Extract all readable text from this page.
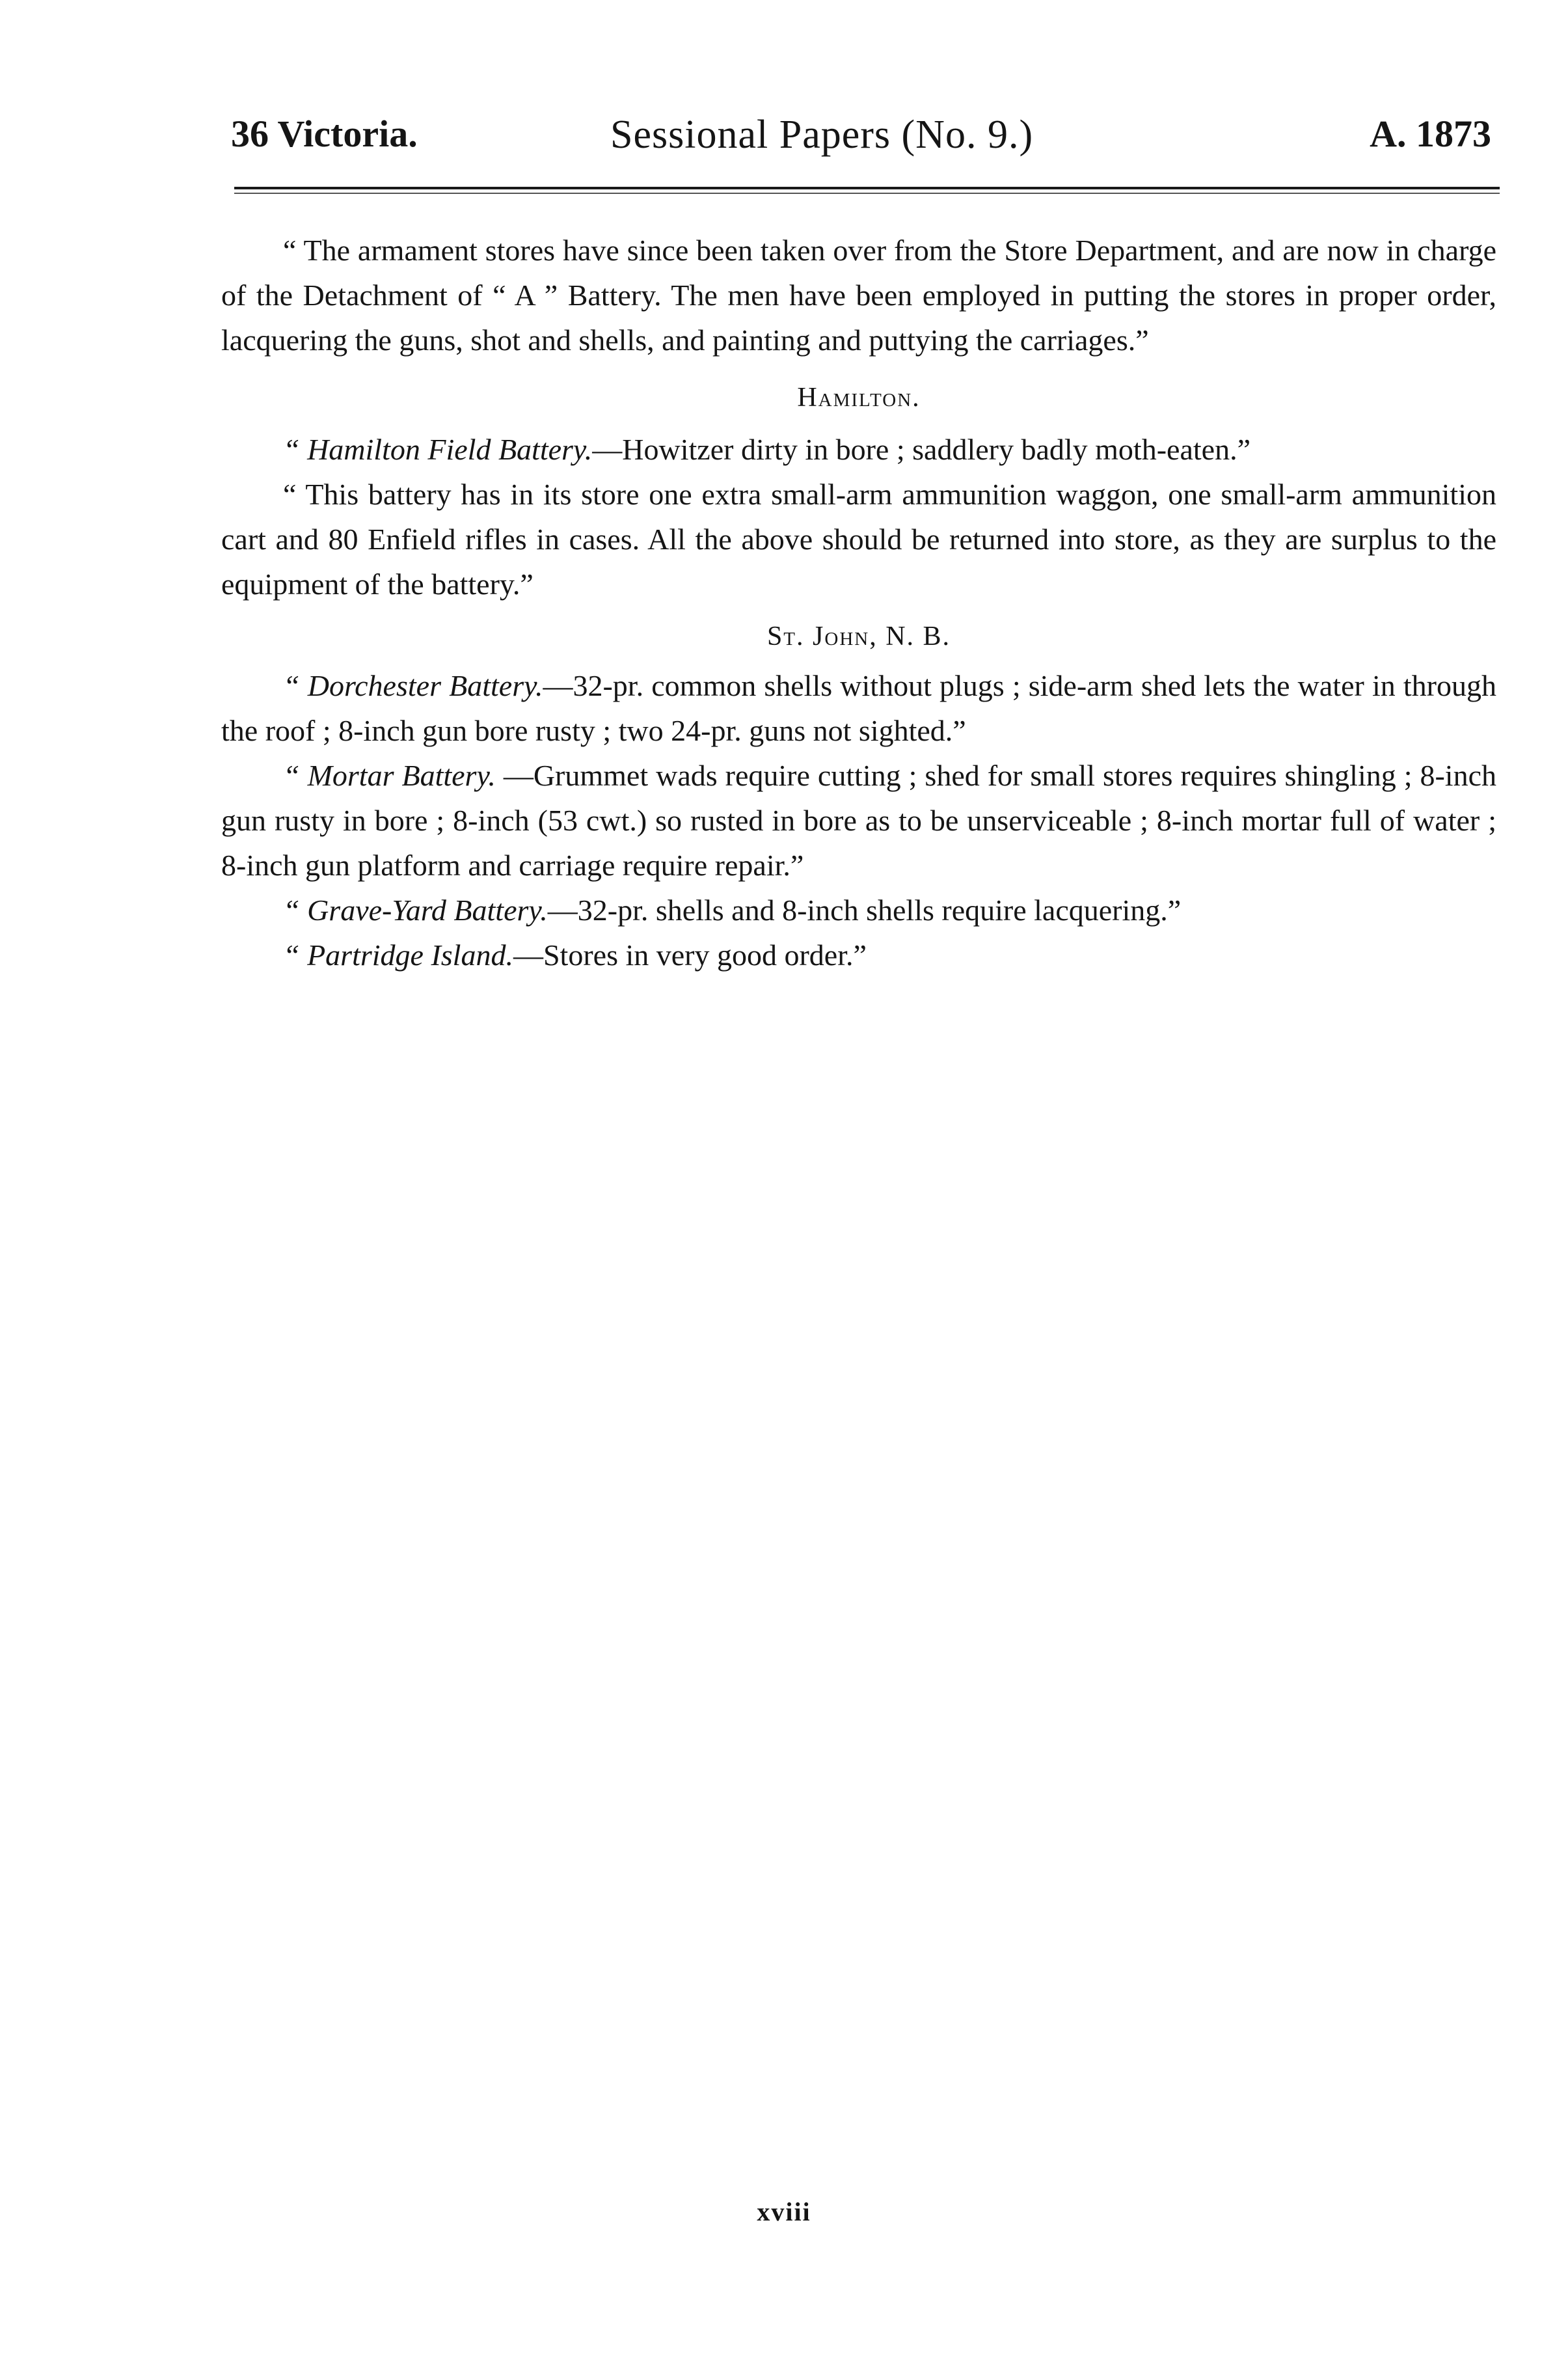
36 Victoria.	Sessional Papers (No. 9.)	A. 1873

“ The armament stores have since been taken over from the Store Department, and are now in charge of the Detachment of “ A ” Battery. The men have been employed in putting the stores in proper order, lacquering the guns, shot and shells, and painting and puttying the carriages.”

Hamilton.

“ Hamilton Field Battery.—Howitzer dirty in bore ; saddlery badly moth-eaten.”

“ This battery has in its store one extra small-arm ammunition waggon, one small-arm ammunition cart and 80 Enfield rifles in cases. All the above should be returned into store, as they are surplus to the equipment of the battery.”

St. John, N. B.

“ Dorchester Battery.—32-pr. common shells without plugs ; side-arm shed lets the water in through the roof ; 8-inch gun bore rusty ; two 24-pr. guns not sighted.”

“ Mortar Battery. —Grummet wads require cutting ; shed for small stores requires shingling ; 8-inch gun rusty in bore ; 8-inch (53 cwt.) so rusted in bore as to be unserviceable ; 8-inch mortar full of water ; 8-inch gun platform and carriage require repair.”

“ Grave-Yard Battery.—32-pr. shells and 8-inch shells require lacquering.”

“ Partridge Island.—Stores in very good order.”

xviii
